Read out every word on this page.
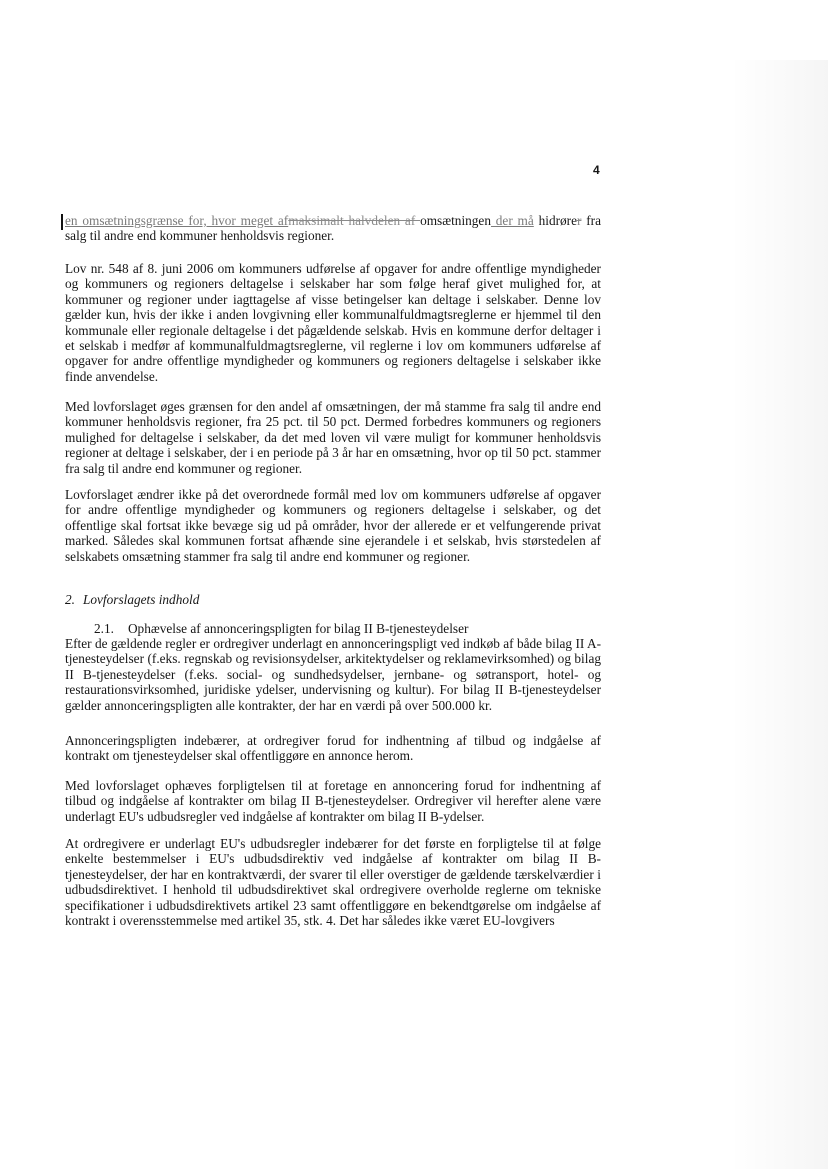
4

en omsætningsgrænse for, hvor meget afmaksimalt halvdelen af omsætningen der må hidrører fra salg til andre end kommuner henholdsvis regioner.

Lov nr. 548 af 8. juni 2006 om kommuners udførelse af opgaver for andre offentlige myndigheder og kommuners og regioners deltagelse i selskaber har som følge heraf givet mulighed for, at kommuner og regioner under iagttagelse af visse betingelser kan deltage i selskaber. Denne lov gælder kun, hvis der ikke i anden lovgivning eller kommunalfuldmagtsreglerne er hjemmel til den kommunale eller regionale deltagelse i det pågældende selskab. Hvis en kommune derfor deltager i et selskab i medfør af kommunalfuldmagtsreglerne, vil reglerne i lov om kommuners udførelse af opgaver for andre offentlige myndigheder og kommuners og regioners deltagelse i selskaber ikke finde anvendelse.

Med lovforslaget øges grænsen for den andel af omsætningen, der må stamme fra salg til andre end kommuner henholdsvis regioner, fra 25 pct. til 50 pct. Dermed forbedres kommuners og regioners mulighed for deltagelse i selskaber, da det med loven vil være muligt for kommuner henholdsvis regioner at deltage i selskaber, der i en periode på 3 år har en omsætning, hvor op til 50 pct. stammer fra salg til andre end kommuner og regioner.

Lovforslaget ændrer ikke på det overordnede formål med lov om kommuners udførelse af opgaver for andre offentlige myndigheder og kommuners og regioners deltagelse i selskaber, og det offentlige skal fortsat ikke bevæge sig ud på områder, hvor der allerede er et velfungerende privat marked. Således skal kommunen fortsat afhænde sine ejerandele i et selskab, hvis størstedelen af selskabets omsætning stammer fra salg til andre end kommuner og regioner.

2. Lovforslagets indhold
2.1. Ophævelse af annonceringspligten for bilag II B-tjenesteydelser

Efter de gældende regler er ordregiver underlagt en annonceringspligt ved indkøb af både bilag II A-tjenesteydelser (f.eks. regnskab og revisionsydelser, arkitektydelser og reklamevirksomhed) og bilag II B-tjenesteydelser (f.eks. social- og sundhedsydelser, jernbane- og søtransport, hotel- og restaurationsvirksomhed, juridiske ydelser, undervisning og kultur). For bilag II B-tjenesteydelser gælder annonceringspligten alle kontrakter, der har en værdi på over 500.000 kr.

Annonceringspligten indebærer, at ordregiver forud for indhentning af tilbud og indgåelse af kontrakt om tjenesteydelser skal offentliggøre en annonce herom.

Med lovforslaget ophæves forpligtelsen til at foretage en annoncering forud for indhentning af tilbud og indgåelse af kontrakter om bilag II B-tjenesteydelser. Ordregiver vil herefter alene være underlagt EU's udbudsregler ved indgåelse af kontrakter om bilag II B-ydelser.

At ordregivere er underlagt EU's udbudsregler indebærer for det første en forpligtelse til at følge enkelte bestemmelser i EU's udbudsdirektiv ved indgåelse af kontrakter om bilag II B-tjenesteydelser, der har en kontraktværdi, der svarer til eller overstiger de gældende tærskelværdier i udbudsdirektivet. I henhold til udbudsdirektivet skal ordregivere overholde reglerne om tekniske specifikationer i udbudsdirektivets artikel 23 samt offentliggøre en bekendtgørelse om indgåelse af kontrakt i overensstemmelse med artikel 35, stk. 4. Det har således ikke været EU-lovgivers
